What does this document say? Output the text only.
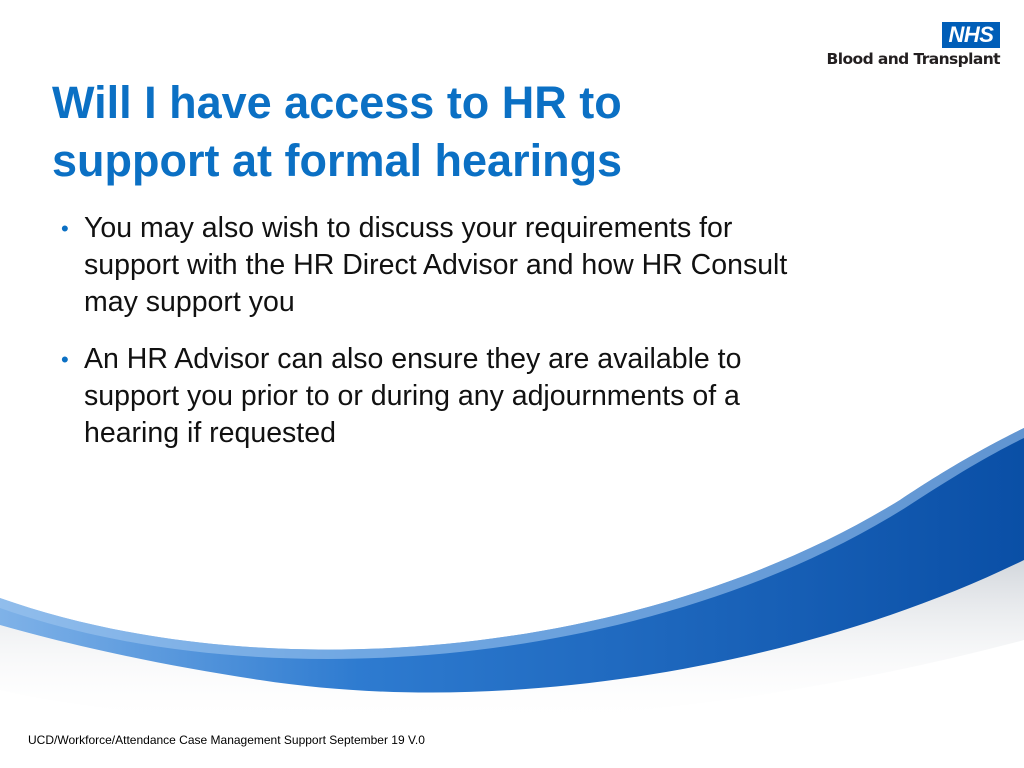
NHS
Blood and Transplant
Will I have access to HR to
support at formal hearings
• You may also wish to discuss your requirements for support with the HR Direct Advisor and how HR Consult may support you
• An HR Advisor can also ensure they are available to support you prior to or during any adjournments of a hearing if requested
UCD/Workforce/Attendance Case Management Support September 19 V.0
